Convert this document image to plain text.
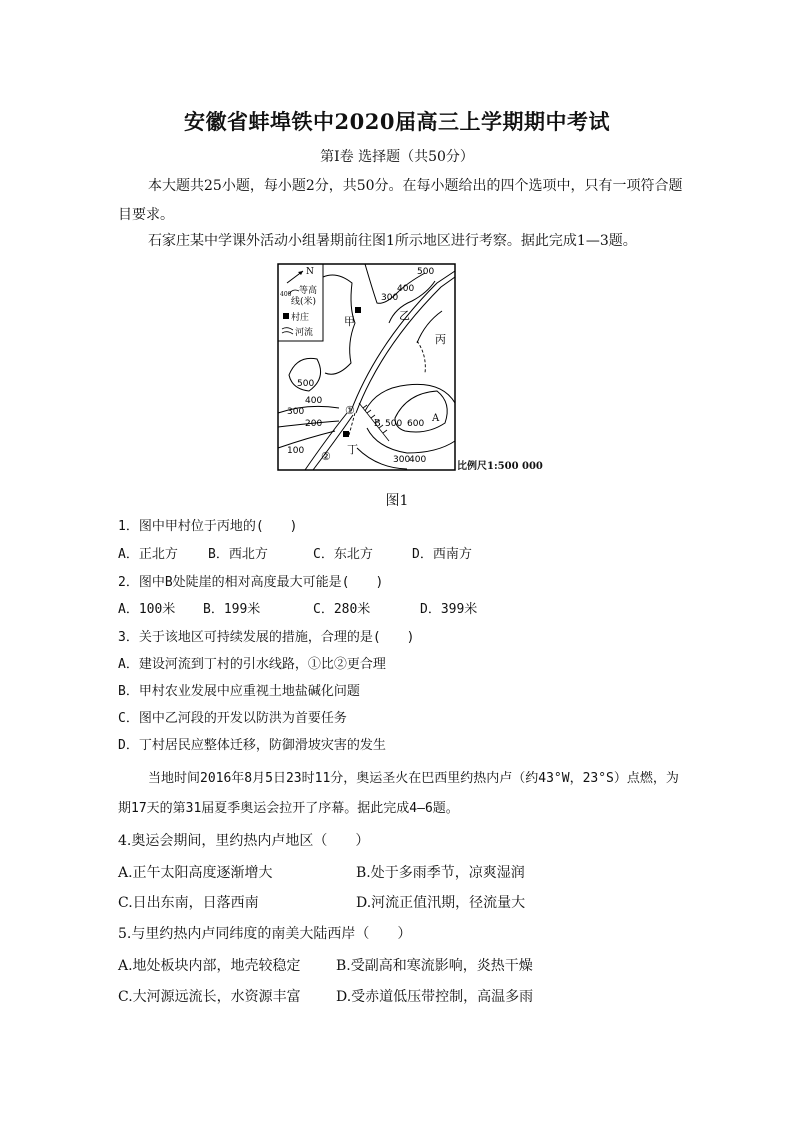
安徽省蚌埠铁中2020届高三上学期期中考试
第Ⅰ卷 选择题（共50分）
本大题共25小题，每小题2分，共50分。在每小题给出的四个选项中，只有一项符合题目要求。
石家庄某中学课外活动小组暑期前往图1所示地区进行考察。据此完成1—3题。
N
400 等高
线(米)
村庄
河流
甲	乙
丙
丁
A
B
①
②
500
400
300
500
400
300
200
100
500 600
400
300
比例尺1:500 000
图1
1．图中甲村位于丙地的(　　)
A．正北方 B．西北方	C．东北方	D．西南方
2．图中B处陡崖的相对高度最大可能是(　　)
A．100米 B．199米	C．280米	D．399米
3．关于该地区可持续发展的措施，合理的是(　　)
A．建设河流到丁村的引水线路，①比②更合理
B．甲村农业发展中应重视土地盐碱化问题
C．图中乙河段的开发以防洪为首要任务
D．丁村居民应整体迁移，防御滑坡灾害的发生
当地时间2016年8月5日23时11分，奥运圣火在巴西里约热内卢（约43°W，23°S）点燃，为期17天的第31届夏季奥运会拉开了序幕。据此完成4—6题。
4.奥运会期间，里约热内卢地区（　　）
A.正午太阳高度逐渐增大	B.处于多雨季节，凉爽湿润
C.日出东南，日落西南	D.河流正值汛期，径流量大
5.与里约热内卢同纬度的南美大陆西岸（　　）
A.地处板块内部，地壳较稳定	B.受副高和寒流影响，炎热干燥
C.大河源远流长，水资源丰富	D.受赤道低压带控制，高温多雨
